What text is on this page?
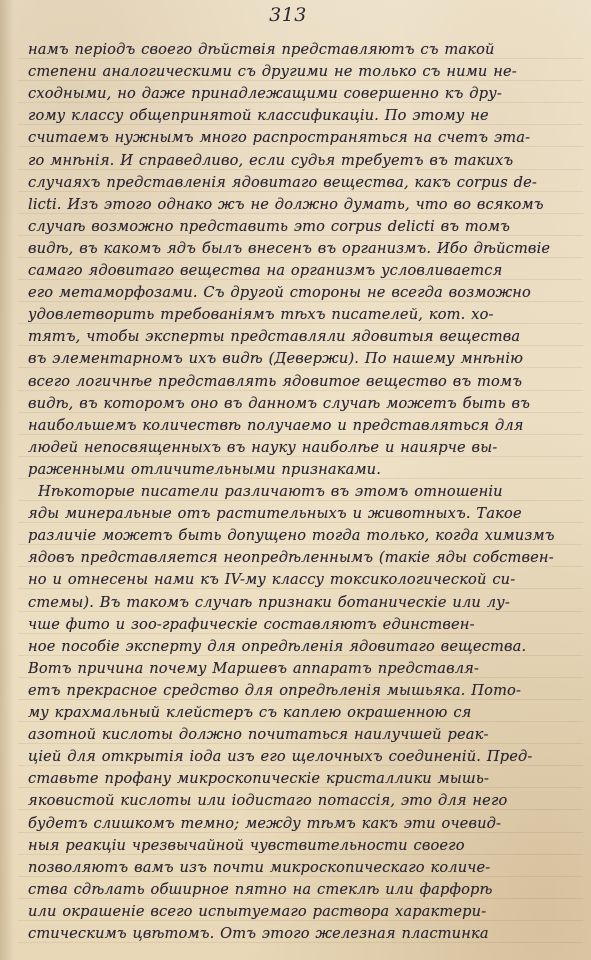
313
намъ періодъ своего дѣйствія представляютъ съ такой
степени аналогическими съ другими не только съ ними не-
сходными, но даже принадлежащими совершенно къ дру-
гому классу общепринятой классификаціи. По этому не
считаемъ нужнымъ много распространяться на счетъ эта-
го мнѣнія. И справедливо, если судья требуетъ въ такихъ
случаяхъ представленія ядовитаго вещества, какъ corpus de-
licti. Изъ этого однако жъ не должно думать, что во всякомъ
случаѣ возможно представить это corpus delicti въ томъ
видѣ, въ какомъ ядъ былъ внесенъ въ организмъ. Ибо дѣйствіе
самаго ядовитаго вещества на организмъ условливается
его метаморфозами. Съ другой стороны не всегда возможно
удовлетворить требованіямъ тѣхъ писателей, кот. хо-
тятъ, чтобы эксперты представляли ядовитыя вещества
въ элементарномъ ихъ видѣ (Девержи). По нашему мнѣнію
всего логичнѣе представлять ядовитое вещество въ томъ
видѣ, въ которомъ оно въ данномъ случаѣ можетъ быть въ
наибольшемъ количествѣ получаемо и представляться для
людей непосвященныхъ въ науку наиболѣе и наиярче вы-
раженными отличительными признаками.
Нѣкоторые писатели различаютъ въ этомъ отношеніи
яды минеральные отъ растительныхъ и животныхъ. Такое
различіе можетъ быть допущено тогда только, когда химизмъ
ядовъ представляется неопредѣленнымъ (такіе яды собствен-
но и отнесены нами къ IV-му классу токсикологической си-
стемы). Въ такомъ случаѣ признаки ботаническіе или лу-
чше фито и зоо-графическіе составляютъ единствен-
ное пособіе эксперту для опредѣленія ядовитаго вещества.
Вотъ причина почему Маршевъ аппаратъ представля-
етъ прекрасное средство для опредѣленія мышьяка. Пото-
му крахмальный клейстеръ съ каплею окрашенною ся
азотной кислоты должно почитаться наилучшей реак-
ціей для открытія іода изъ его щелочныхъ соединеній. Пред-
ставьте профану микроскопическіе кристаллики мышь-
яковистой кислоты или іодистаго потассія, это для него
будетъ слишкомъ темно; между тѣмъ какъ эти очевид-
ныя реакціи чрезвычайной чувствительности своего
позволяютъ вамъ изъ почти микроскопическаго количе-
ства сдѣлать обширное пятно на стеклѣ или фарфорѣ
или окрашеніе всего испытуемаго раствора характери-
стическимъ цвѣтомъ. Отъ этого железная пластинка
